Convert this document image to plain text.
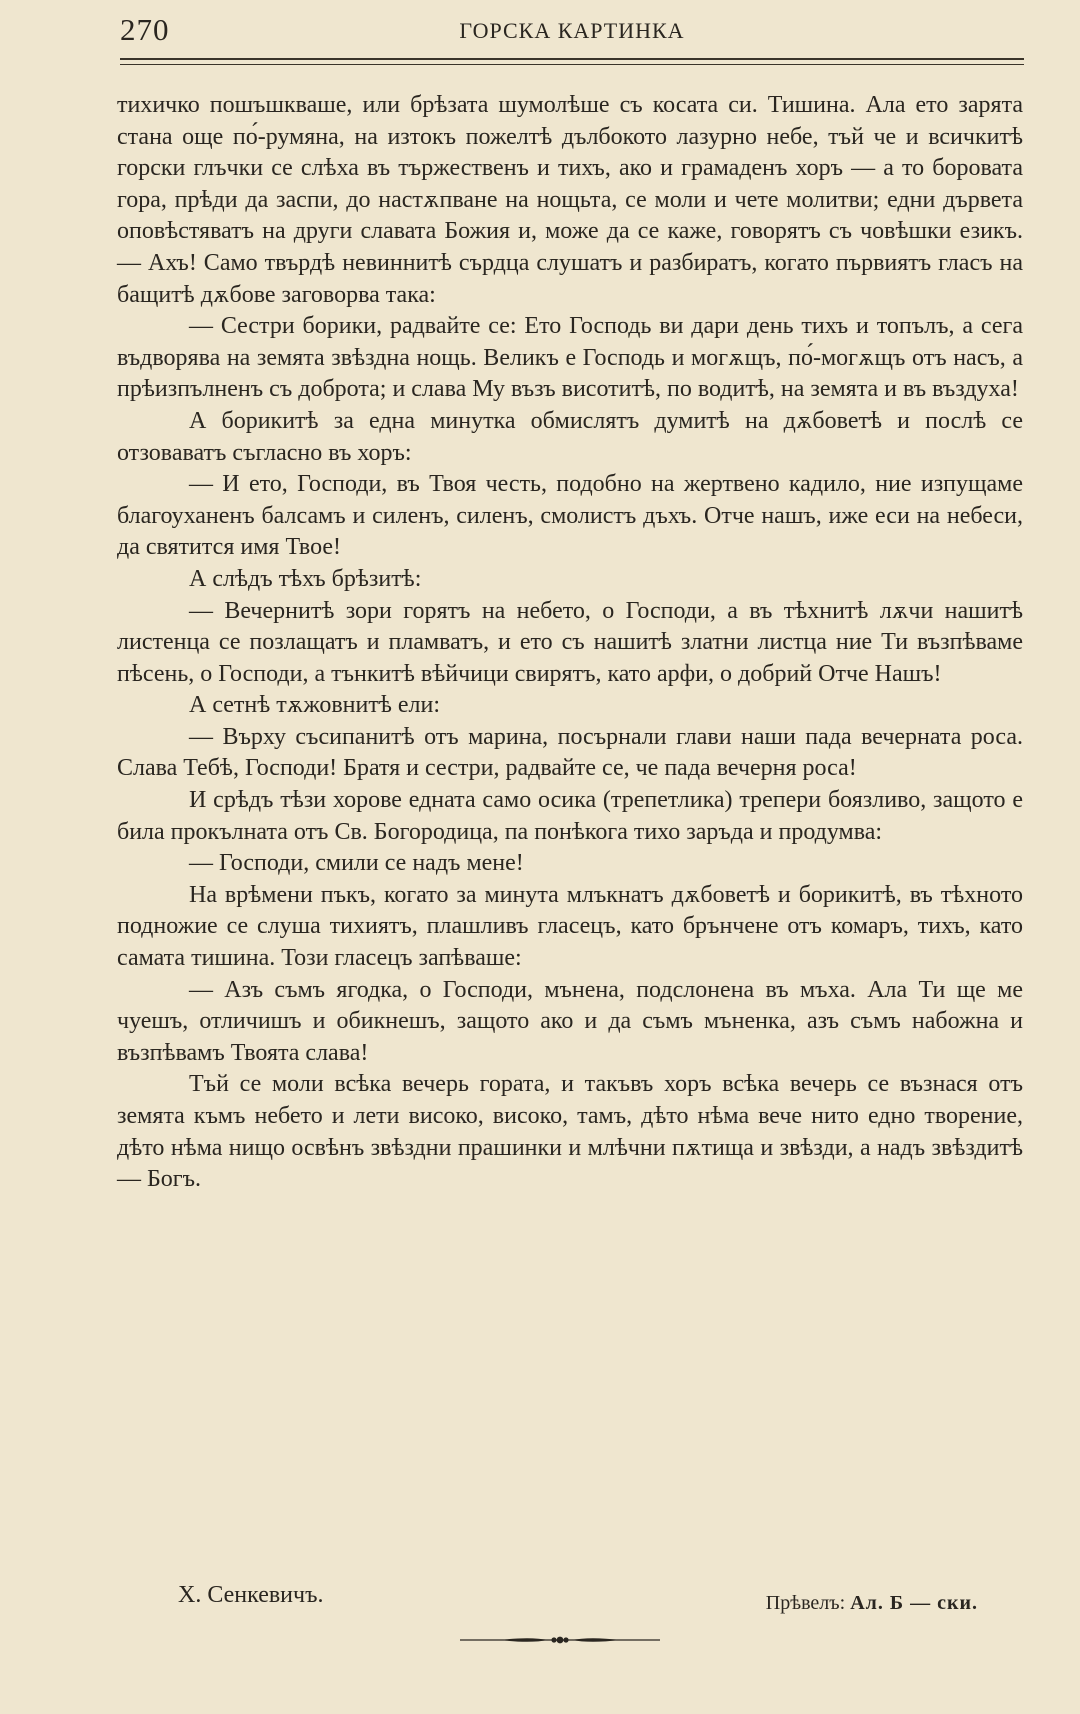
270	ГОРСКА КАРТИНКА

тихичко пошъшкваше, или брѣзата шумолѣше съ косата си. Тишина. Ала ето зарята стана още по́-румяна, на изтокъ пожелтѣ дълбокото лазурно небе, тъй че и всичкитѣ горски глъчки се слѣха въ тържественъ и тихъ, ако и грамаденъ хоръ — а то боровата гора, прѣди да заспи, до настѫпване на нощьта, се моли и чете молитви; едни дървета оповѣстяватъ на други славата Божия и, може да се каже, говорятъ съ човѣшки езикъ. — Ахъ! Само твърдѣ невиннитѣ сърдца слушатъ и разбиратъ, когато първиятъ гласъ на бащитѣ дѫбове заговорва така:

— Сестри борики, радвайте се: Ето Господь ви дари день тихъ и топълъ, а сега въдворява на земята звѣздна нощь. Великъ е Господь и могѫщъ, по́-могѫщъ отъ насъ, а прѣизпълненъ съ доброта; и слава Му възъ висотитѣ, по водитѣ, на земята и въ въздуха!

А борикитѣ за една минутка обмислятъ думитѣ на дѫбоветѣ и послѣ се отзоваватъ съгласно въ хоръ:

— И ето, Господи, въ Твоя честь, подобно на жертвено кадило, ние изпущаме благоуханенъ балсамъ и силенъ, силенъ, смолистъ дъхъ. Отче нашъ, иже еси на небеси, да святится имя Твое!

А слѣдъ тѣхъ брѣзитѣ:

— Вечернитѣ зори горятъ на небето, о Господи, а въ тѣхнитѣ лѫчи нашитѣ листенца се позлащатъ и пламватъ, и ето съ нашитѣ златни листца ние Ти възпѣваме пѣсень, о Господи, а тънкитѣ вѣйчици свирятъ, като арфи, о добрий Отче Нашъ!

А сетнѣ тѫжовнитѣ ели:

— Върху съсипанитѣ отъ марина, посърнали глави наши пада вечерната роса. Слава Тебѣ, Господи! Братя и сестри, радвайте се, че пада вечерня роса!

И срѣдъ тѣзи хорове едната само осика (трепетлика) трепери боязливо, защото е била прокълната отъ Св. Богородица, па понѣкога тихо заръда и продумва:

— Господи, смили се надъ мене!

На врѣмени пъкъ, когато за минута млъкнатъ дѫбоветѣ и борикитѣ, въ тѣхното подножие се слуша тихиятъ, плашливъ гласецъ, като брънчене отъ комаръ, тихъ, като самата тишина. Този гласецъ запѣваше:

— Азъ съмъ ягодка, о Господи, мънена, подслонена въ мъха. Ала Ти ще ме чуешъ, отличишъ и обикнешъ, защото ако и да съмъ мъненка, азъ съмъ набожна и възпѣвамъ Твоята слава!

Тъй се моли всѣка вечерь гората, и такъвъ хоръ всѣка вечерь се възнася отъ земята къмъ небето и лети високо, високо, тамъ, дѣто нѣма вече нито едно творение, дѣто нѣма нищо освѣнъ звѣздни прашинки и млѣчни пѫтища и звѣзди, а надъ звѣздитѣ — Богъ.

Х. Сенкевичъ.	Прѣвелъ: Ал. Б — ски.
